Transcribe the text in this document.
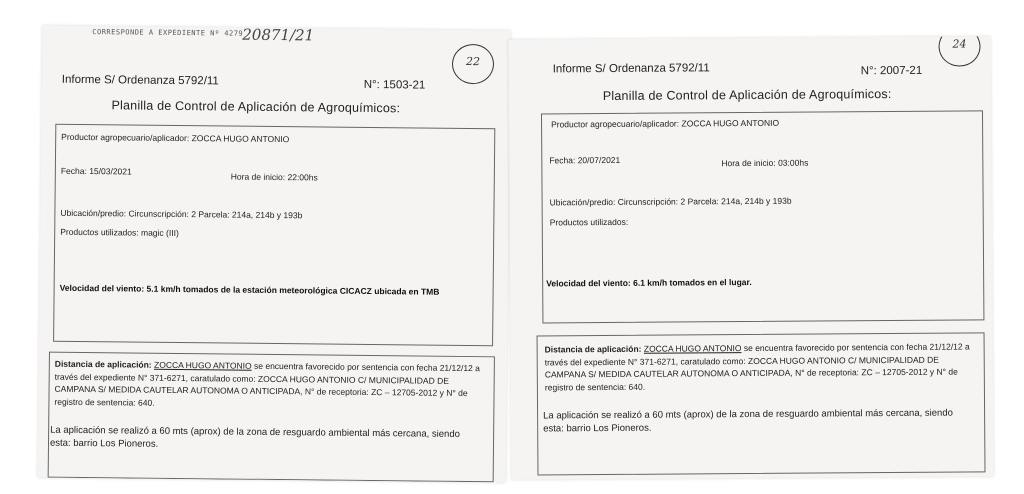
CORRESPONDE A EXPEDIENTE Nº 4279
20871/21
22
Informe S/ Ordenanza 5792/11	N°: 1503-21
Planilla de Control de Aplicación de Agroquímicos:
Productor agropecuario/aplicador: ZOCCA HUGO ANTONIO
Fecha: 15/03/2021
Hora de inicio: 22:00hs
Ubicación/predio: Circunscripción: 2 Parcela: 214a, 214b y 193b
Productos utilizados: magic (III)
Velocidad del viento: 5.1 km/h tomados de la estación meteorológica CICACZ ubicada en TMB
Distancia de aplicación: ZOCCA HUGO ANTONIO se encuentra favorecido por sentencia con fecha 21/12/12 a través del expediente N° 371-6271, caratulado como: ZOCCA HUGO ANTONIO C/ MUNICIPALIDAD DE CAMPANA S/ MEDIDA CAUTELAR AUTONOMA O ANTICIPADA, N° de receptoria: ZC – 12705-2012 y N° de registro de sentencia: 640.
La aplicación se realizó a 60 mts (aprox) de la zona de resguardo ambiental más cercana, siendo esta: barrio Los Pioneros.
24
Informe S/ Ordenanza 5792/11	N°: 2007-21
Planilla de Control de Aplicación de Agroquímicos:
Productor agropecuario/aplicador: ZOCCA HUGO ANTONIO
Fecha: 20/07/2021	Hora de inicio: 03:00hs
Ubicación/predio: Circunscripción: 2 Parcela: 214a, 214b y 193b
Productos utilizados:
Velocidad del viento: 6.1 km/h tomados en el lugar.
Distancia de aplicación: ZOCCA HUGO ANTONIO se encuentra favorecido por sentencia con fecha 21/12/12 a través del expediente N° 371-6271, caratulado como: ZOCCA HUGO ANTONIO C/ MUNICIPALIDAD DE CAMPANA S/ MEDIDA CAUTELAR AUTONOMA O ANTICIPADA, N° de receptoria: ZC – 12705-2012 y N° de registro de sentencia: 640.
La aplicación se realizó a 60 mts (aprox) de la zona de resguardo ambiental más cercana, siendo esta: barrio Los Pioneros.
